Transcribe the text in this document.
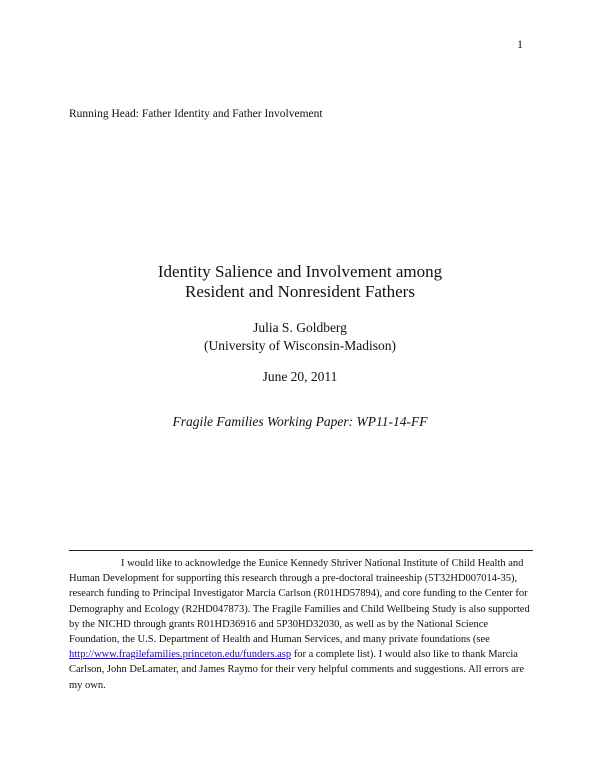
1
Running Head: Father Identity and Father Involvement
Identity Salience and Involvement among
Resident and Nonresident Fathers
Julia S. Goldberg
(University of Wisconsin-Madison)
June 20, 2011
Fragile Families Working Paper: WP11-14-FF

I would like to acknowledge the Eunice Kennedy Shriver National Institute of Child Health and Human Development for supporting this research through a pre-doctoral traineeship (5T32HD007014-35), research funding to Principal Investigator Marcia Carlson (R01HD57894), and core funding to the Center for Demography and Ecology (R2HD047873). The Fragile Families and Child Wellbeing Study is also supported by the NICHD through grants R01HD36916 and 5P30HD32030, as well as by the National Science Foundation, the U.S. Department of Health and Human Services, and many private foundations (see http://www.fragilefamilies.princeton.edu/funders.asp for a complete list). I would also like to thank Marcia Carlson, John DeLamater, and James Raymo for their very helpful comments and suggestions. All errors are my own.
